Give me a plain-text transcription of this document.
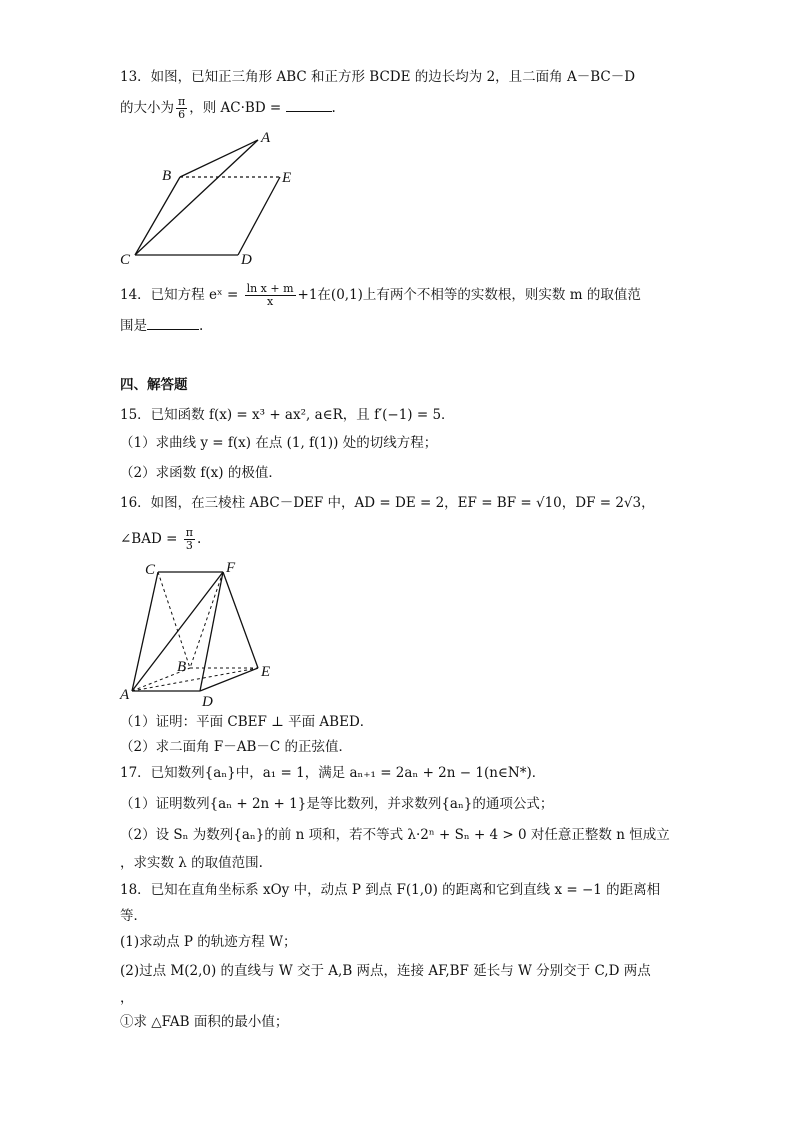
13．如图，已知正三角形 ABC 和正方形 BCDE 的边长均为 2，且二面角 A－BC－D
的大小为 $\frac{\pi}{6}$ ，则 AC·BD =	.
A
B	E
C	D
14．已知方程 eˣ = $\frac{\text{ln x + m}}{x} +1$在(0,1)上有两个不相等的实数根，则实数 m 的取值范
围是	.
四、解答题
15．已知函数 f(x) = x³ + ax², a∈R，且 f′(−1) = 5．
（1）求曲线 y = f(x) 在点 (1, f(1)) 处的切线方程；
（2）求函数 f(x) 的极值．
16．如图，在三棱柱 ABC－DEF 中，AD = DE = 2，EF = BF = √10，DF = 2√3，
∠BAD = $\frac{\pi}{3}$ .
C	F
B	E
A	D
（1）证明：平面 CBEF ⊥ 平面 ABED．
（2）求二面角 F－AB－C 的正弦值．
17．已知数列{aₙ}中，a₁ = 1，满足 aₙ₊₁ = 2aₙ + 2n − 1(n∈N*)．
（1）证明数列{aₙ + 2n + 1}是等比数列，并求数列{aₙ}的通项公式；
（2）设 Sₙ 为数列{aₙ}的前 n 项和，若不等式 λ·2ⁿ + Sₙ + 4 > 0 对任意正整数 n 恒成立
，求实数 λ 的取值范围.
18．已知在直角坐标系 xOy 中，动点 P 到点 F(1,0) 的距离和它到直线 x = −1 的距离相
等．
(1)求动点 P 的轨迹方程 W；
(2)过点 M(2,0) 的直线与 W 交于 A,B 两点，连接 AF,BF 延长与 W 分别交于 C,D 两点
，
①求 △FAB 面积的最小值；
